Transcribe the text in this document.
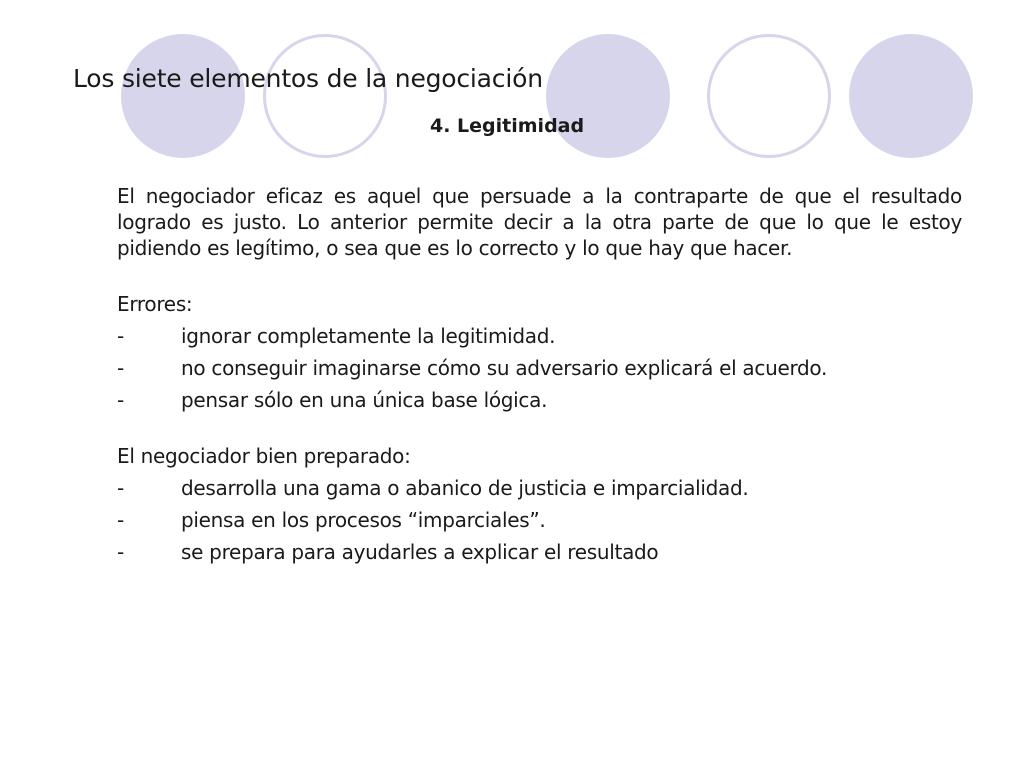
Los siete elementos de la negociación
4. Legitimidad

El negociador eficaz es aquel que persuade a la contraparte de que el resultado logrado es justo. Lo anterior permite decir a la otra parte de que lo que le estoy pidiendo es legítimo, o sea que es lo correcto y lo que hay que hacer.

Errores:

-	ignorar completamente la legitimidad.
-	no conseguir imaginarse cómo su adversario explicará el acuerdo.
-	pensar sólo en una única base lógica.

El negociador bien preparado:

-	desarrolla una gama o abanico de justicia e imparcialidad.
-	piensa en los procesos “imparciales”.
-	se prepara para ayudarles a explicar el resultado
